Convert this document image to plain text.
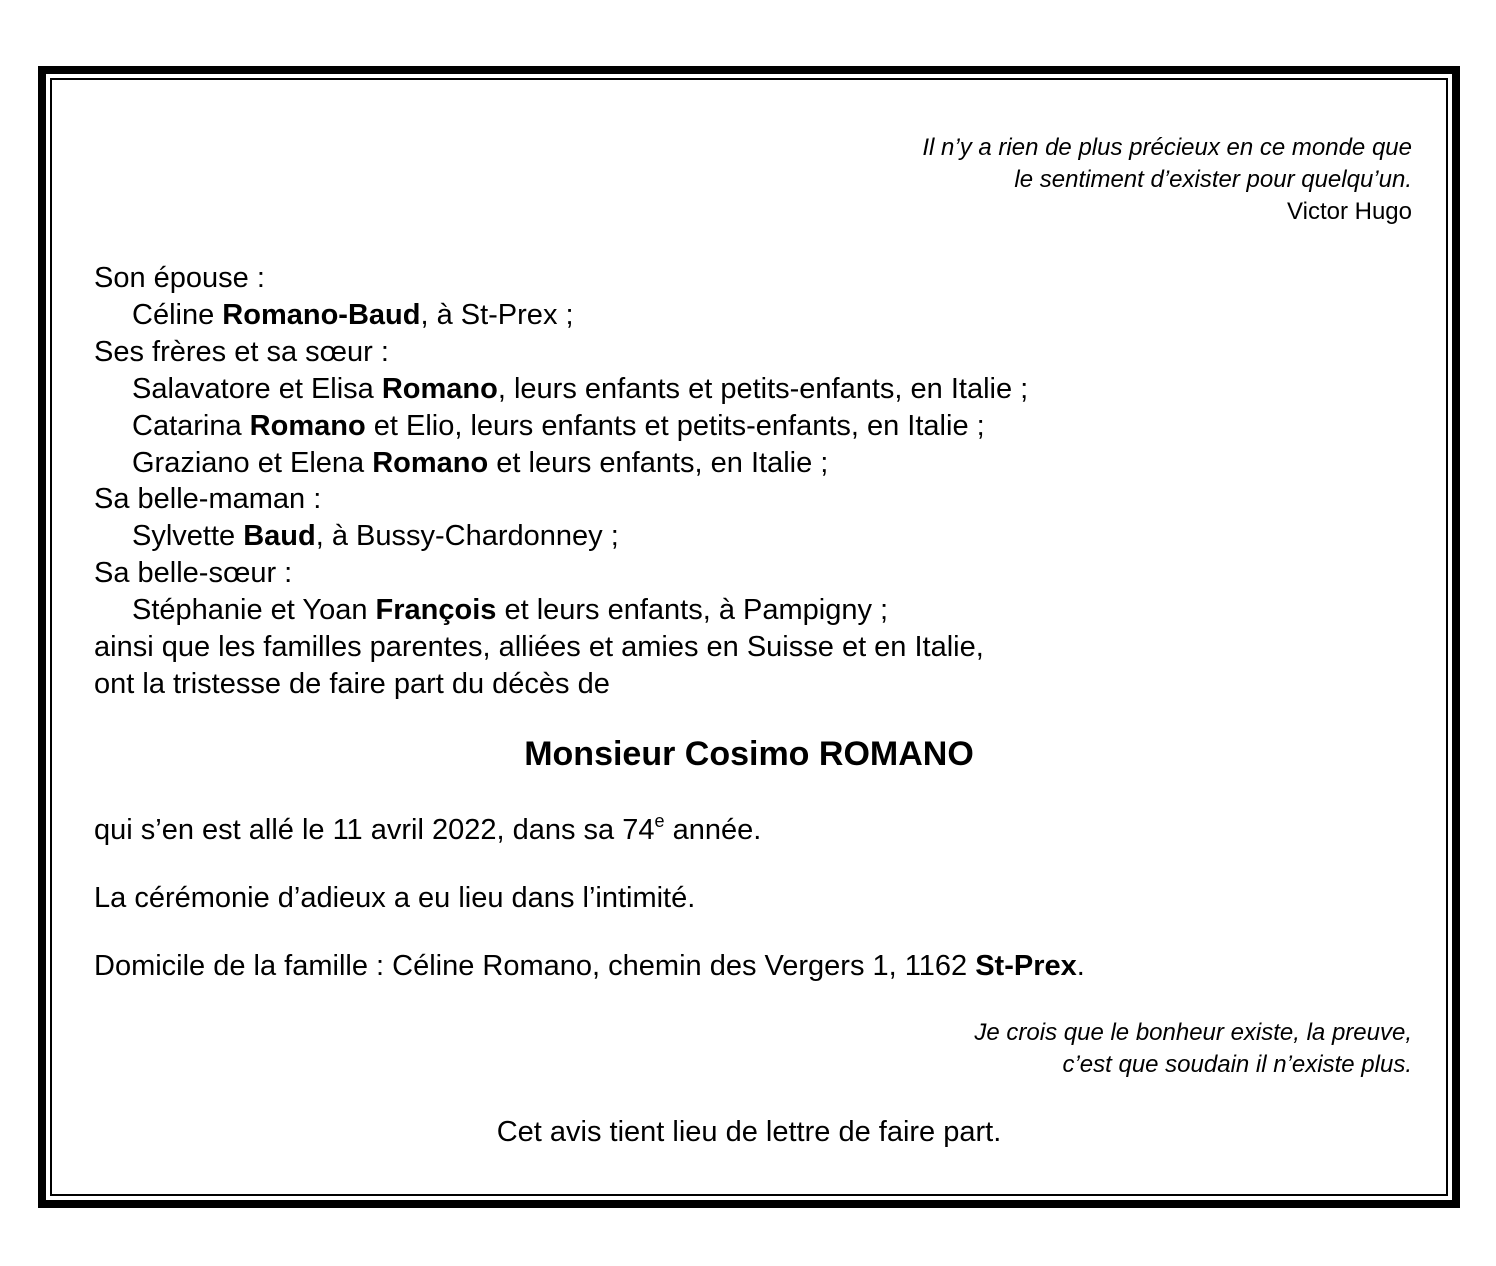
Il n’y a rien de plus précieux en ce monde que
le sentiment d’exister pour quelqu’un.
Victor Hugo
Son épouse :
Céline Romano-Baud, à St-Prex ;
Ses frères et sa sœur :
Salavatore et Elisa Romano, leurs enfants et petits-enfants, en Italie ;
Catarina Romano et Elio, leurs enfants et petits-enfants, en Italie ;
Graziano et Elena Romano et leurs enfants, en Italie ;
Sa belle-maman :
Sylvette Baud, à Bussy-Chardonney ;
Sa belle-sœur :
Stéphanie et Yoan François et leurs enfants, à Pampigny ;
ainsi que les familles parentes, alliées et amies en Suisse et en Italie,
ont la tristesse de faire part du décès de
Monsieur Cosimo ROMANO
qui s’en est allé le 11 avril 2022, dans sa 74e année.
La cérémonie d’adieux a eu lieu dans l’intimité.
Domicile de la famille : Céline Romano, chemin des Vergers 1, 1162 St-Prex.
Je crois que le bonheur existe, la preuve,
c’est que soudain il n’existe plus.
Cet avis tient lieu de lettre de faire part.
